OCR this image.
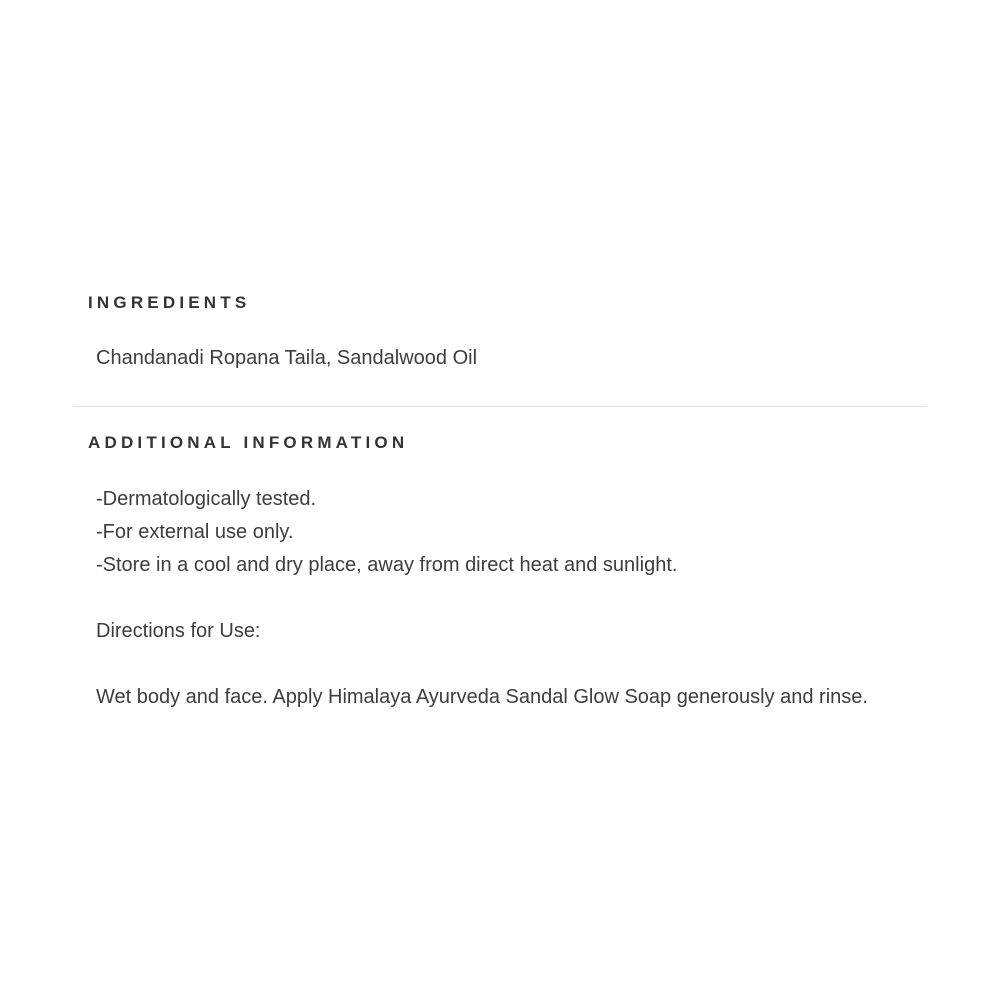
INGREDIENTS
Chandanadi Ropana Taila, Sandalwood Oil
ADDITIONAL INFORMATION
-Dermatologically tested.
-For external use only.
-Store in a cool and dry place, away from direct heat and sunlight.
Directions for Use:
Wet body and face. Apply Himalaya Ayurveda Sandal Glow Soap generously and rinse.
